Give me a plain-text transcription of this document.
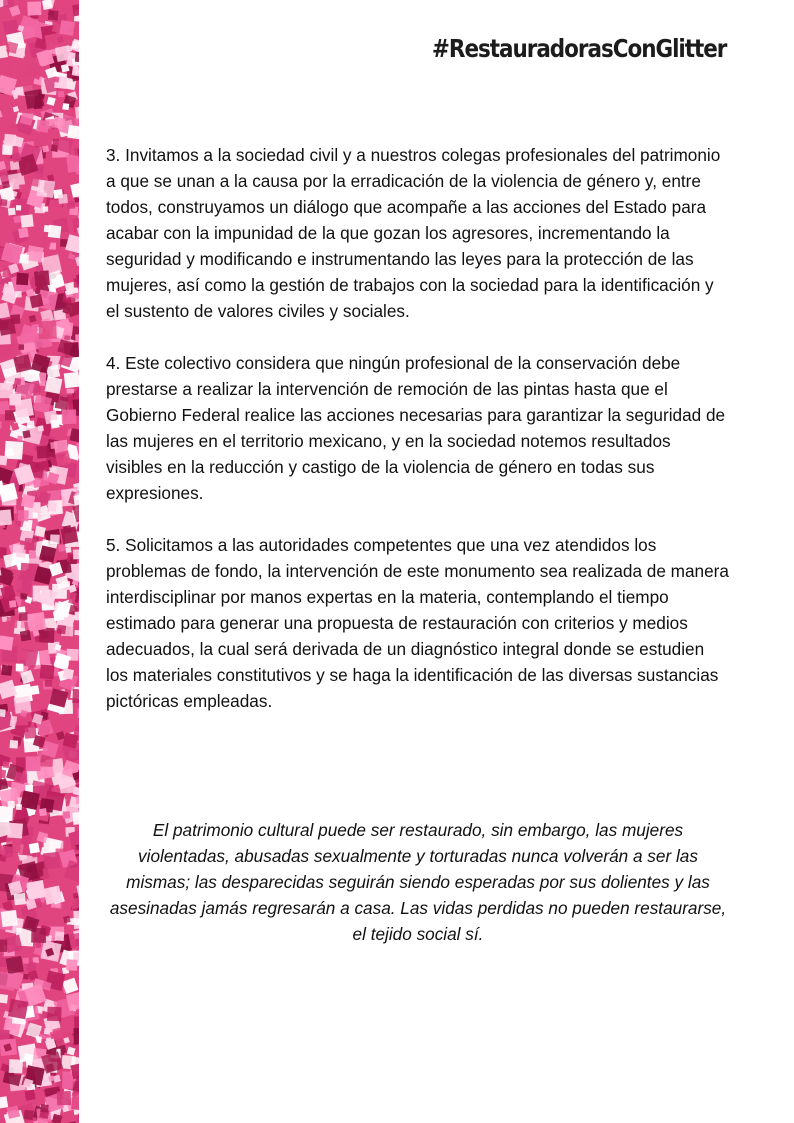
#RestauradorasConGlitter

3. Invitamos a la sociedad civil y a nuestros colegas profesionales del patrimonio a que se unan a la causa por la erradicación de la violencia de género y, entre todos, construyamos un diálogo que acompañe a las acciones del Estado para acabar con la impunidad de la que gozan los agresores, incrementando la seguridad y modificando e instrumentando las leyes para la protección de las mujeres, así como la gestión de trabajos con la sociedad para la identificación y el sustento de valores civiles y sociales.

4. Este colectivo considera que ningún profesional de la conservación debe prestarse a realizar la intervención de remoción de las pintas hasta que el Gobierno Federal realice las acciones necesarias para garantizar la seguridad de las mujeres en el territorio mexicano, y en la sociedad notemos resultados visibles en la reducción y castigo de la violencia de género en todas sus expresiones.

5. Solicitamos a las autoridades competentes que una vez atendidos los problemas de fondo, la intervención de este monumento sea realizada de manera interdisciplinar por manos expertas en la materia, contemplando el tiempo estimado para generar una propuesta de restauración con criterios y medios adecuados, la cual será derivada de un diagnóstico integral donde se estudien los materiales constitutivos y se haga la identificación de las diversas sustancias pictóricas empleadas.

El patrimonio cultural puede ser restaurado, sin embargo, las mujeres violentadas, abusadas sexualmente y torturadas nunca volverán a ser las mismas; las desparecidas seguirán siendo esperadas por sus dolientes y las asesinadas jamás regresarán a casa. Las vidas perdidas no pueden restaurarse, el tejido social sí.
